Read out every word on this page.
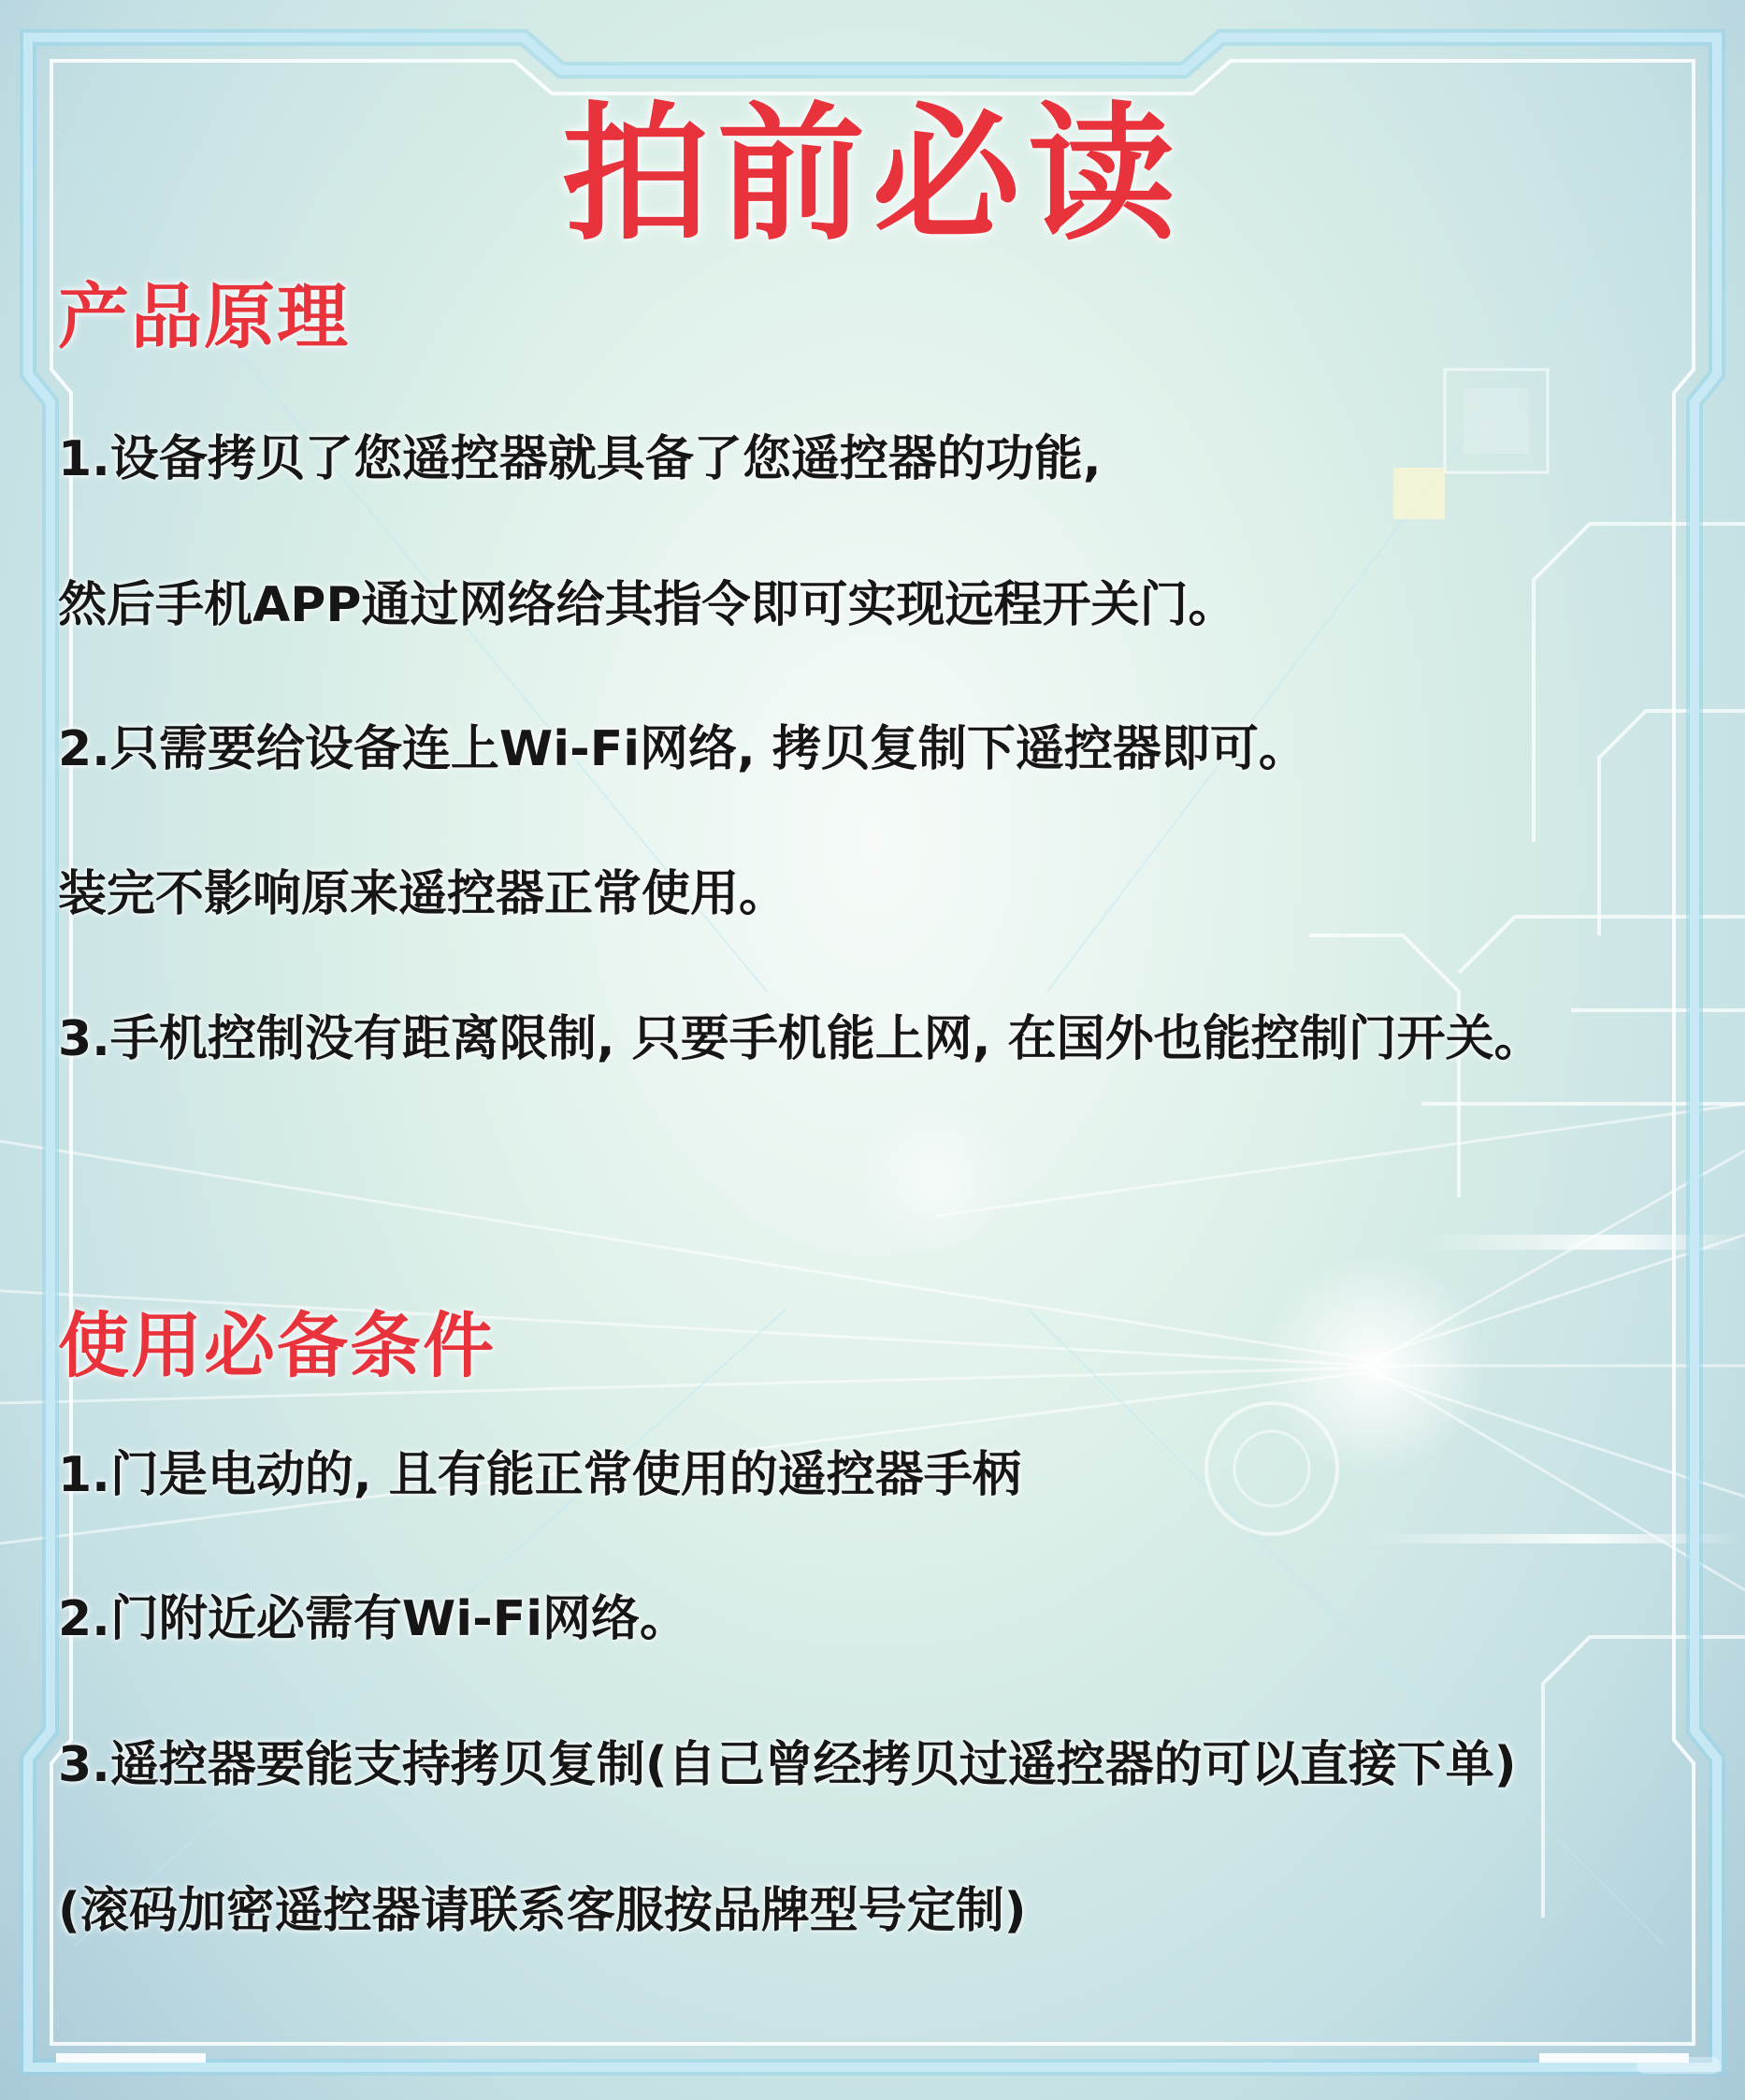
拍前必读
产品原理

1.设备拷贝了您遥控器就具备了您遥控器的功能,

然后手机APP通过网络给其指令即可实现远程开关门。

2.只需要给设备连上Wi-Fi网络, 拷贝复制下遥控器即可。

装完不影响原来遥控器正常使用。

3.手机控制没有距离限制, 只要手机能上网, 在国外也能控制门开关。

使用必备条件

1.门是电动的, 且有能正常使用的遥控器手柄

2.门附近必需有Wi-Fi网络。

3.遥控器要能支持拷贝复制(自己曾经拷贝过遥控器的可以直接下单)

(滚码加密遥控器请联系客服按品牌型号定制)
